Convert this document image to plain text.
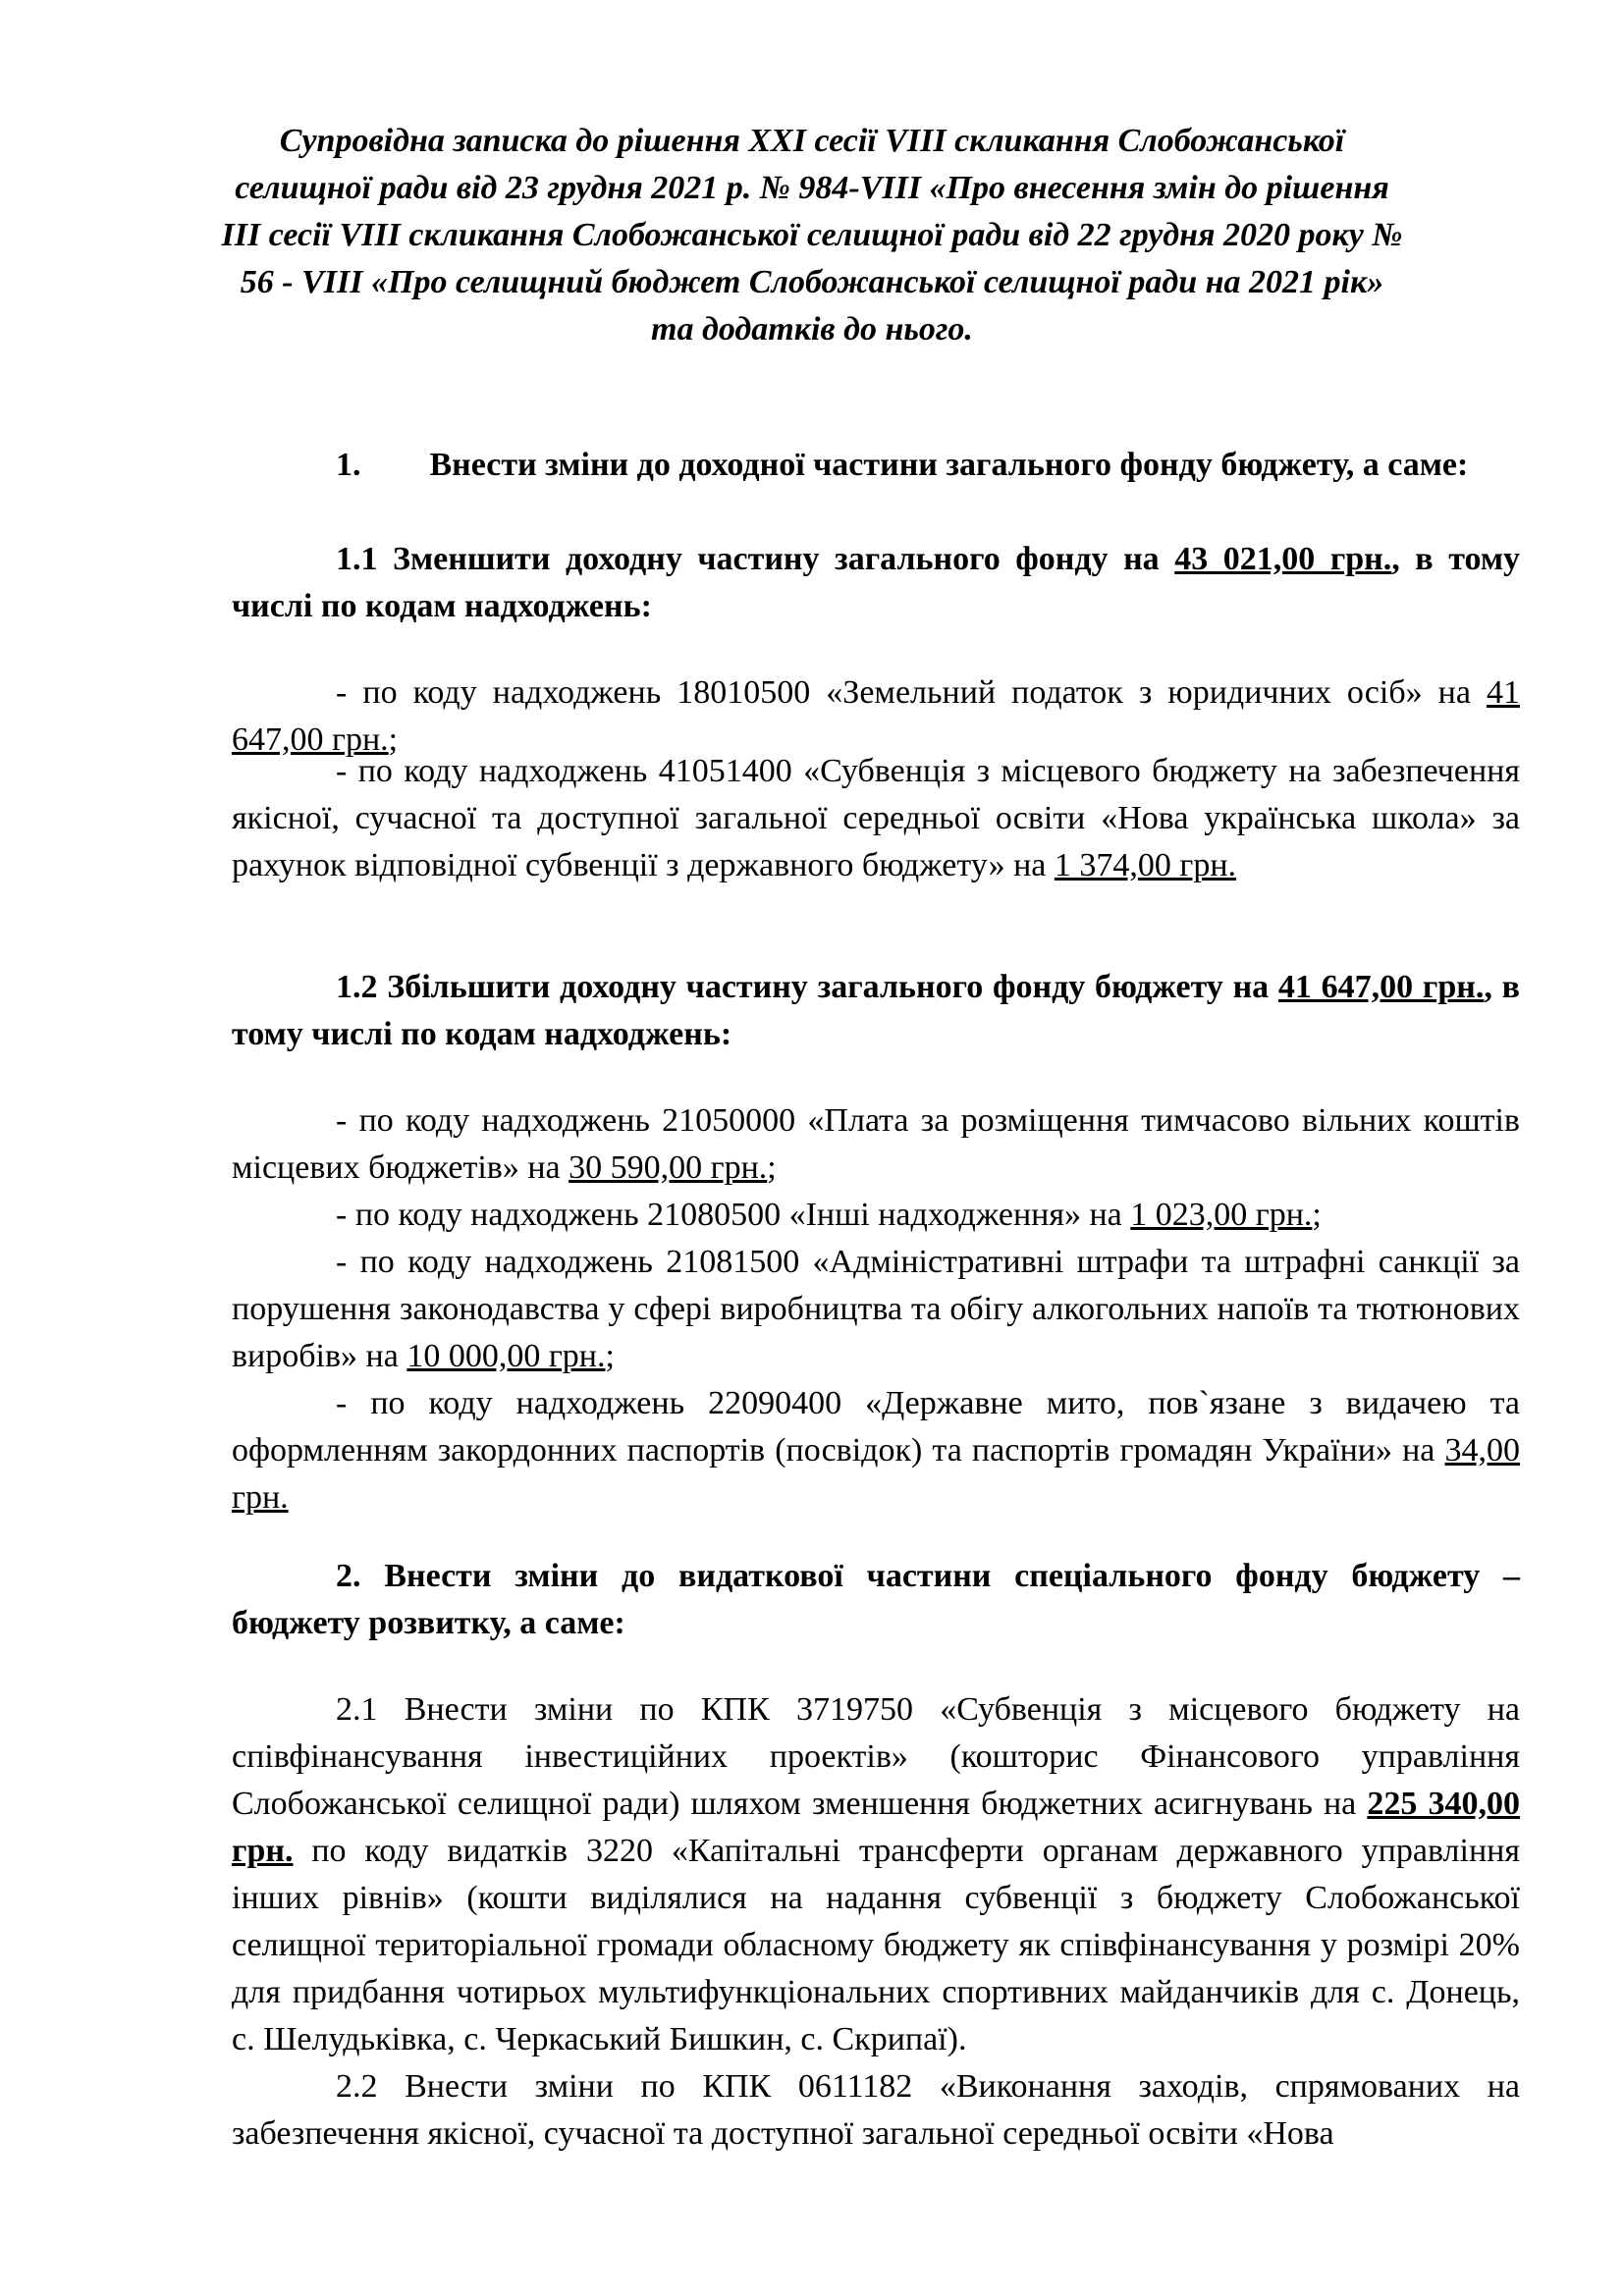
Супровідна записка до рішення XXI сесії VIII скликання Слобожанської селищної ради від 23 грудня 2021 р. № 984-VIII «Про внесення змін до рішення III сесії VIII скликання Слобожанської селищної ради від 22 грудня 2020 року № 56 - VIII «Про селищний бюджет Слобожанської селищної ради на 2021 рік» та додатків до нього.

1. Внести зміни до доходної частини загального фонду бюджету, а саме:

1.1 Зменшити доходну частину загального фонду на 43 021,00 грн., в тому числі по кодам надходжень:

- по коду надходжень 18010500 «Земельний податок з юридичних осіб» на 41 647,00 грн.;

- по коду надходжень 41051400 «Субвенція з місцевого бюджету на забезпечення якісної, сучасної та доступної загальної середньої освіти «Нова українська школа» за рахунок відповідної субвенції з державного бюджету» на 1 374,00 грн.

1.2 Збільшити доходну частину загального фонду бюджету на 41 647,00 грн., в тому числі по кодам надходжень:

- по коду надходжень 21050000 «Плата за розміщення тимчасово вільних коштів місцевих бюджетів» на 30 590,00 грн.;

- по коду надходжень 21080500 «Інші надходження» на 1 023,00 грн.;

- по коду надходжень 21081500 «Адміністративні штрафи та штрафні санкції за порушення законодавства у сфері виробництва та обігу алкогольних напоїв та тютюнових виробів» на 10 000,00 грн.;

- по коду надходжень 22090400 «Державне мито, пов`язане з видачею та оформленням закордонних паспортів (посвідок) та паспортів громадян України» на 34,00 грн.

2. Внести зміни до видаткової частини спеціального фонду бюджету – бюджету розвитку, а саме:

2.1 Внести зміни по КПК 3719750 «Субвенція з місцевого бюджету на співфінансування інвестиційних проектів» (кошторис Фінансового управління Слобожанської селищної ради) шляхом зменшення бюджетних асигнувань на 225 340,00 грн. по коду видатків 3220 «Капітальні трансферти органам державного управління інших рівнів» (кошти виділялися на надання субвенції з бюджету Слобожанської селищної територіальної громади обласному бюджету як співфінансування у розмірі 20% для придбання чотирьох мультифункціональних спортивних майданчиків для с. Донець, с. Шелудьківка, с. Черкаський Бишкин, с. Скрипаї).

2.2 Внести зміни по КПК 0611182 «Виконання заходів, спрямованих на забезпечення якісної, сучасної та доступної загальної середньої освіти «Нова
